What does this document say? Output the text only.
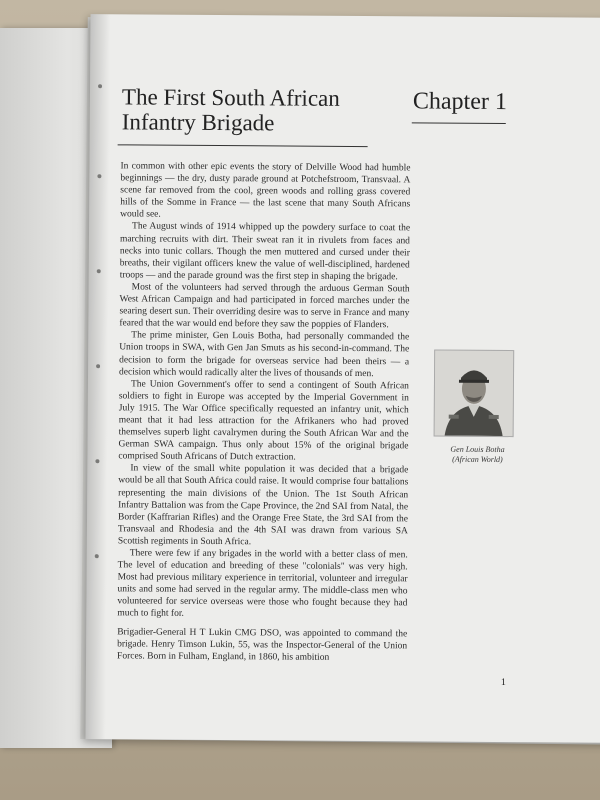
The First South African
Infantry Brigade
Chapter 1

In common with other epic events the story of Delville Wood had humble beginnings — the dry, dusty parade ground at Potchefstroom, Transvaal. A scene far removed from the cool, green woods and rolling grass covered hills of the Somme in France — the last scene that many South Africans would see.

The August winds of 1914 whipped up the powdery surface to coat the marching recruits with dirt. Their sweat ran it in rivulets from faces and necks into tunic collars. Though the men muttered and cursed under their breaths, their vigilant officers knew the value of well-disciplined, hardened troops — and the parade ground was the first step in shaping the brigade.

Most of the volunteers had served through the arduous German South West African Campaign and had participated in forced marches under the searing desert sun. Their overriding desire was to serve in France and many feared that the war would end before they saw the poppies of Flanders.

The prime minister, Gen Louis Botha, had personally commanded the Union troops in SWA, with Gen Jan Smuts as his second-in-command. The decision to form the brigade for overseas service had been theirs — a decision which would radically alter the lives of thousands of men.

The Union Government's offer to send a contingent of South African soldiers to fight in Europe was accepted by the Imperial Government in July 1915. The War Office specifically requested an infantry unit, which meant that it had less attraction for the Afrikaners who had proved themselves superb light cavalrymen during the South African War and the German SWA campaign. Thus only about 15% of the original brigade comprised South Africans of Dutch extraction.

In view of the small white population it was decided that a brigade would be all that South Africa could raise. It would comprise four battalions representing the main divisions of the Union. The 1st South African Infantry Battalion was from the Cape Province, the 2nd SAI from Natal, the Border (Kaffrarian Rifles) and the Orange Free State, the 3rd SAI from the Transvaal and Rhodesia and the 4th SAI was drawn from various SA Scottish regiments in South Africa.

There were few if any brigades in the world with a better class of men. The level of education and breeding of these "colonials" was very high. Most had previous military experience in territorial, volunteer and irregular units and some had served in the regular army. The middle-class men who volunteered for service overseas were those who fought because they had much to fight for.

Brigadier-General H T Lukin CMG DSO, was appointed to command the brigade. Henry Timson Lukin, 55, was the Inspector-General of the Union Forces. Born in Fulham, England, in 1860, his ambition

Gen Louis Botha
(African World)
1
